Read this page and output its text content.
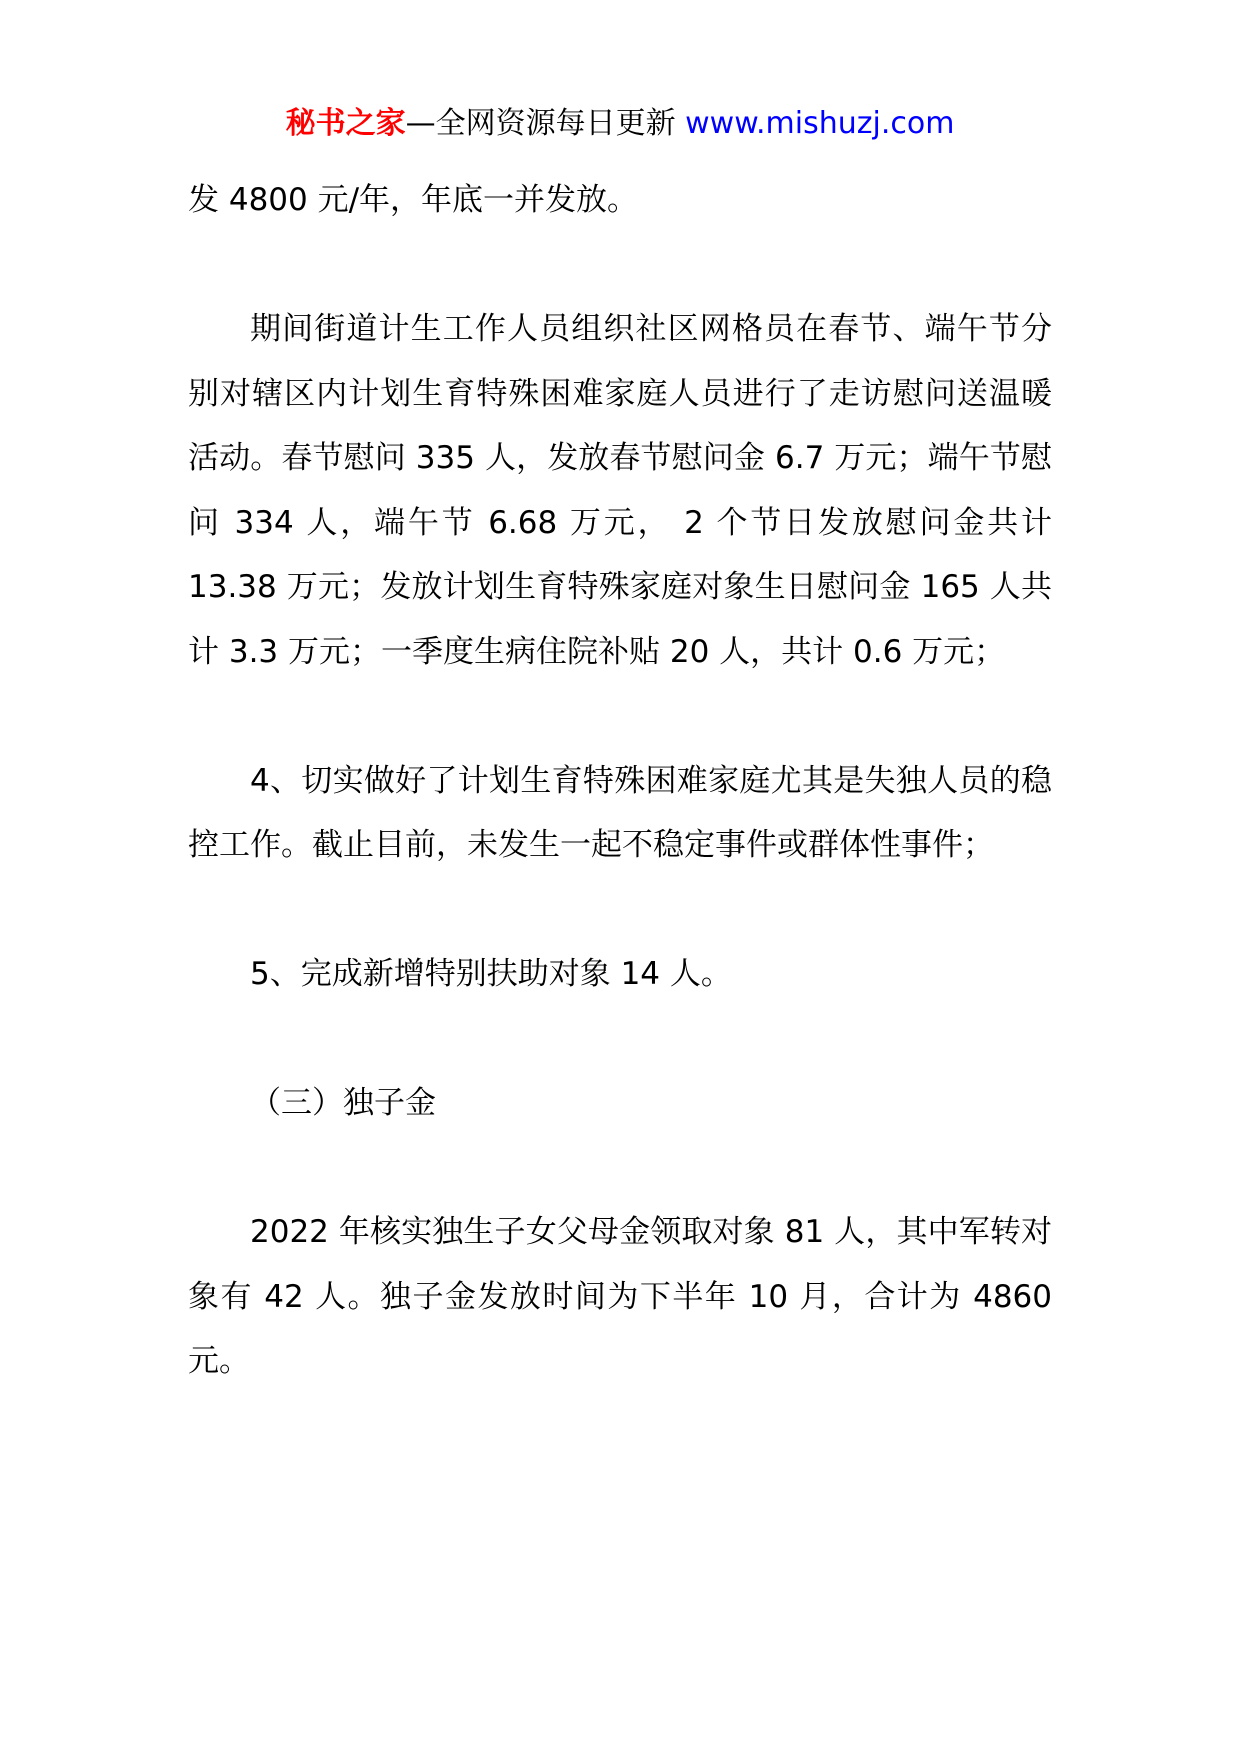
秘书之家—全网资源每日更新 www.mishuzj.com

发 4800 元/年，年底一并发放。

期间街道计生工作人员组织社区网格员在春节、端午节分别对辖区内计划生育特殊困难家庭人员进行了走访慰问送温暖活动。春节慰问 335 人，发放春节慰问金 6.7 万元；端午节慰问 334 人，端午节 6.68 万元， 2 个节日发放慰问金共计 13.38 万元；发放计划生育特殊家庭对象生日慰问金 165 人共计 3.3 万元；一季度生病住院补贴 20 人，共计 0.6 万元；

4、切实做好了计划生育特殊困难家庭尤其是失独人员的稳控工作。截止目前，未发生一起不稳定事件或群体性事件；

5、完成新增特别扶助对象 14 人。

（三）独子金

2022 年核实独生子女父母金领取对象 81 人，其中军转对象有 42 人。独子金发放时间为下半年 10 月，合计为 4860 元。
